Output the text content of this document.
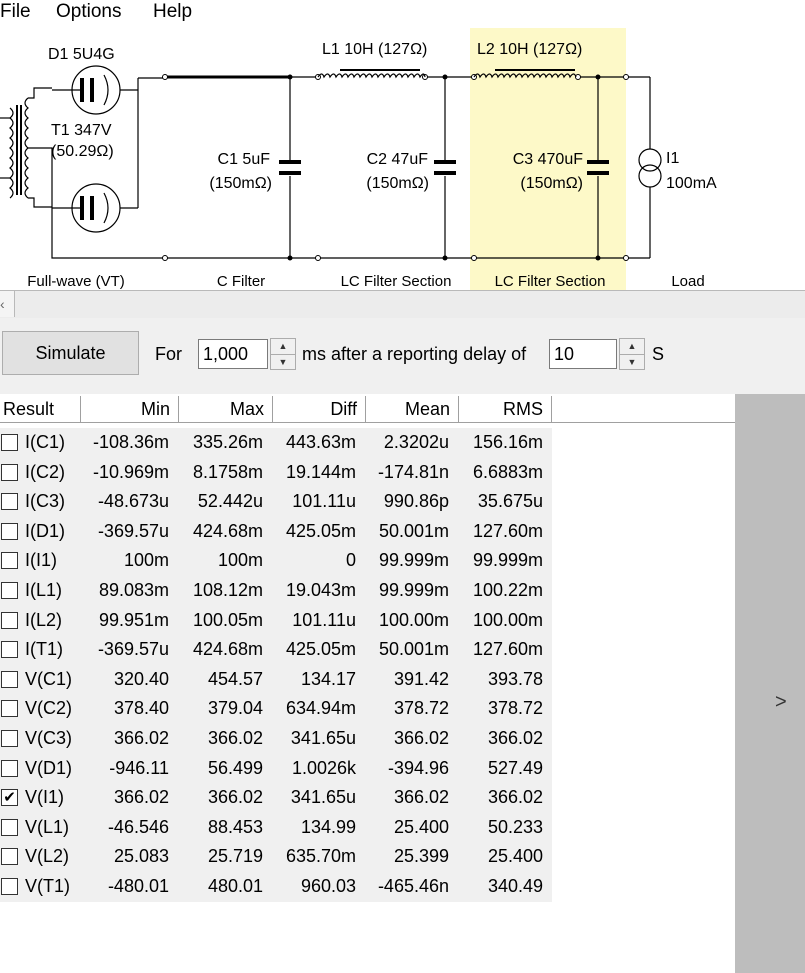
File Options Help
D1 5U4G
T1 347V
(50.29Ω)	C1 5uF
(150mΩ)
L1 10H (127Ω)
C2 47uF
(150mΩ)
L2 10H (127Ω)
C3 470uF
(150mΩ)
I1
100mA
Full-wave (VT)	C Filter	LC Filter Section	LC Filter Section	Load
‹
Simulate	For
1,000	▲
▼ ms after a reporting delay of
10	▲
▼ S
Result	Min	Max	Diff	Mean	RMS
I(C1) -108.36m 335.26m 443.63m 2.3202u 156.16m
I(C2) -10.969m 8.1758m 19.144m -174.81n 6.6883m
I(C3) -48.673u 52.442u 101.11u 990.86p 35.675u
I(D1) -369.57u 424.68m 425.05m 50.001m 127.60m
I(I1)	100m	100m	0 99.999m 99.999m
I(L1) 89.083m 108.12m 19.043m 99.999m 100.22m
I(L2) 99.951m 100.05m 101.11u 100.00m 100.00m
I(T1) -369.57u 424.68m 425.05m 50.001m 127.60m
V(C1) 320.40 454.57 134.17 391.42 393.78
V(C2) 378.40 379.04 634.94m 378.72 378.72
V(C3) 366.02 366.02 341.65u 366.02 366.02
V(D1) -946.11 56.499 1.0026k -394.96 527.49
✔ V(I1)	366.02 366.02 341.65u 366.02 366.02
V(L1) -46.546 88.453 134.99 25.400 50.233
V(L2) 25.083 25.719 635.70m 25.399 25.400
V(T1) -480.01 480.01 960.03 -465.46n 340.49
>
